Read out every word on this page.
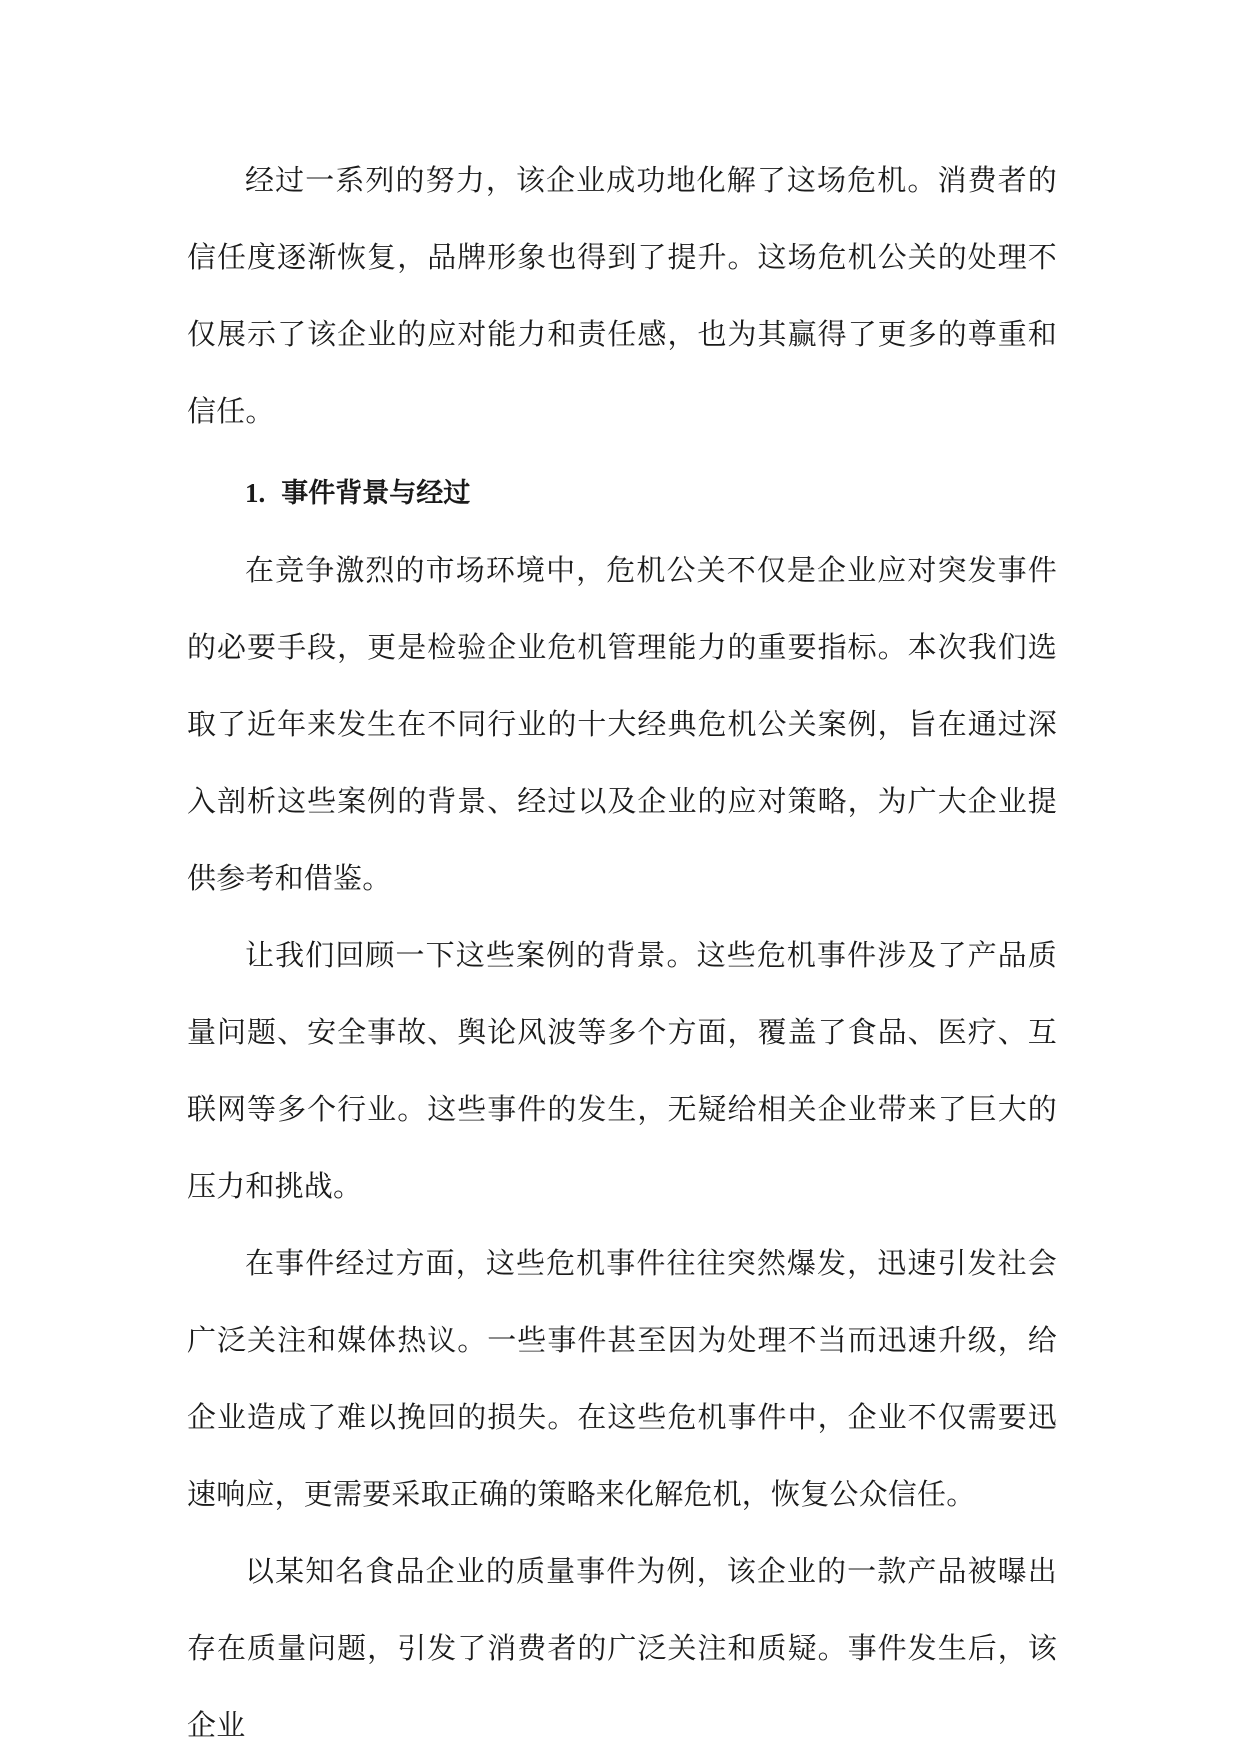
经过一系列的努力，该企业成功地化解了这场危机。消费者的信任度逐渐恢复，品牌形象也得到了提升。这场危机公关的处理不仅展示了该企业的应对能力和责任感，也为其赢得了更多的尊重和信任。

1. 事件背景与经过

在竞争激烈的市场环境中，危机公关不仅是企业应对突发事件的必要手段，更是检验企业危机管理能力的重要指标。本次我们选取了近年来发生在不同行业的十大经典危机公关案例，旨在通过深入剖析这些案例的背景、经过以及企业的应对策略，为广大企业提供参考和借鉴。

让我们回顾一下这些案例的背景。这些危机事件涉及了产品质量问题、安全事故、舆论风波等多个方面，覆盖了食品、医疗、互联网等多个行业。这些事件的发生，无疑给相关企业带来了巨大的压力和挑战。

在事件经过方面，这些危机事件往往突然爆发，迅速引发社会广泛关注和媒体热议。一些事件甚至因为处理不当而迅速升级，给企业造成了难以挽回的损失。在这些危机事件中，企业不仅需要迅速响应，更需要采取正确的策略来化解危机，恢复公众信任。

以某知名食品企业的质量事件为例，该企业的一款产品被曝出存在质量问题，引发了消费者的广泛关注和质疑。事件发生后，该企业
